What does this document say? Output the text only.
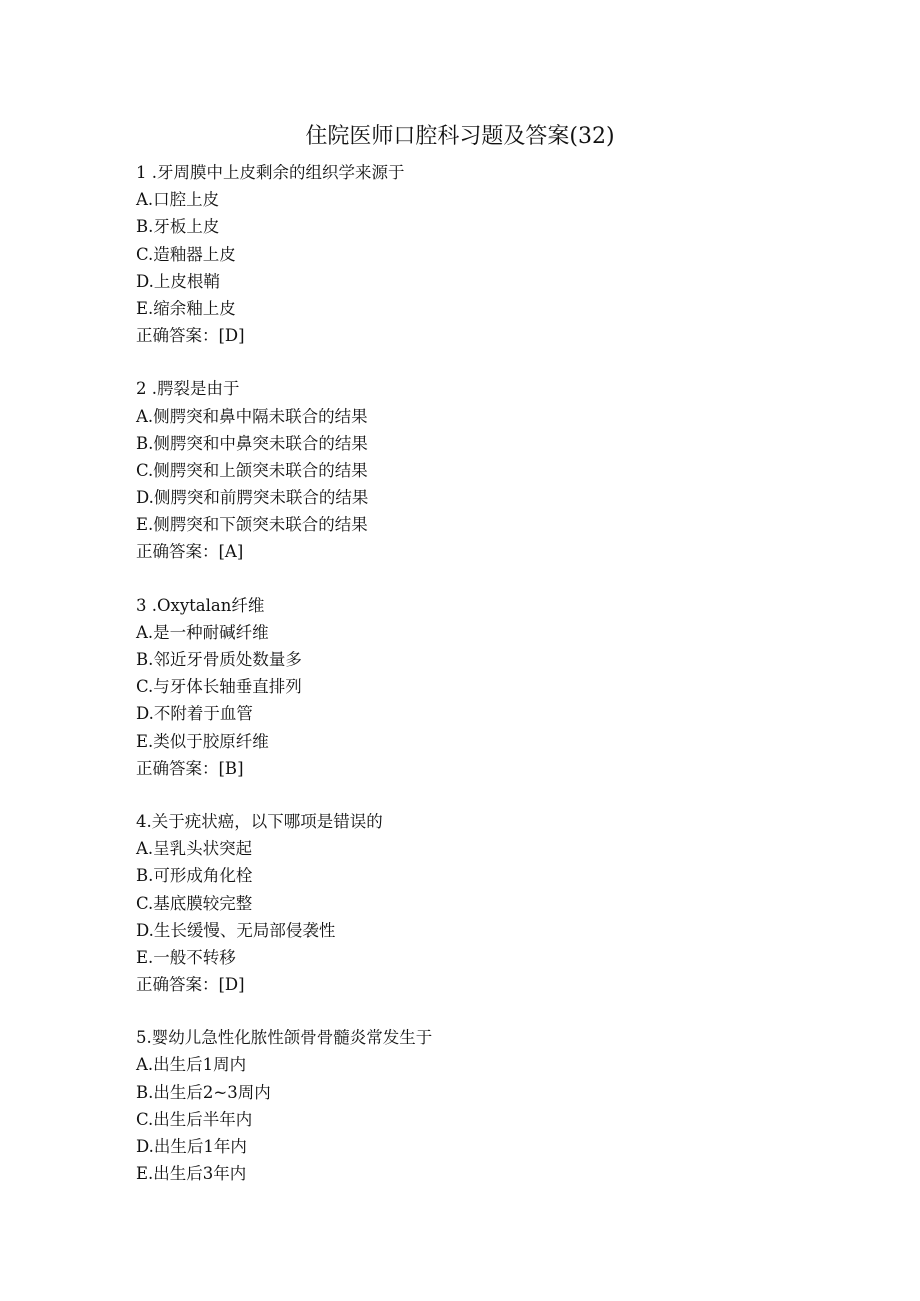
住院医师口腔科习题及答案(32)
1 .牙周膜中上皮剩余的组织学来源于
A.口腔上皮
B.牙板上皮
C.造釉器上皮
D.上皮根鞘
E.缩余釉上皮
正确答案：[D]
2 .腭裂是由于
A.侧腭突和鼻中隔未联合的结果
B.侧腭突和中鼻突未联合的结果
C.侧腭突和上颌突未联合的结果
D.侧腭突和前腭突未联合的结果
E.侧腭突和下颌突未联合的结果
正确答案：[A]
3 .Oxytalan纤维
A.是一种耐碱纤维
B.邻近牙骨质处数量多
C.与牙体长轴垂直排列
D.不附着于血管
E.类似于胶原纤维
正确答案：[B]
4.关于疣状癌，以下哪项是错误的
A.呈乳头状突起
B.可形成角化栓
C.基底膜较完整
D.生长缓慢、无局部侵袭性
E.一般不转移
正确答案：[D]
5.婴幼儿急性化脓性颌骨骨髓炎常发生于
A.出生后1周内
B.出生后2~3周内
C.出生后半年内
D.出生后1年内
E.出生后3年内
